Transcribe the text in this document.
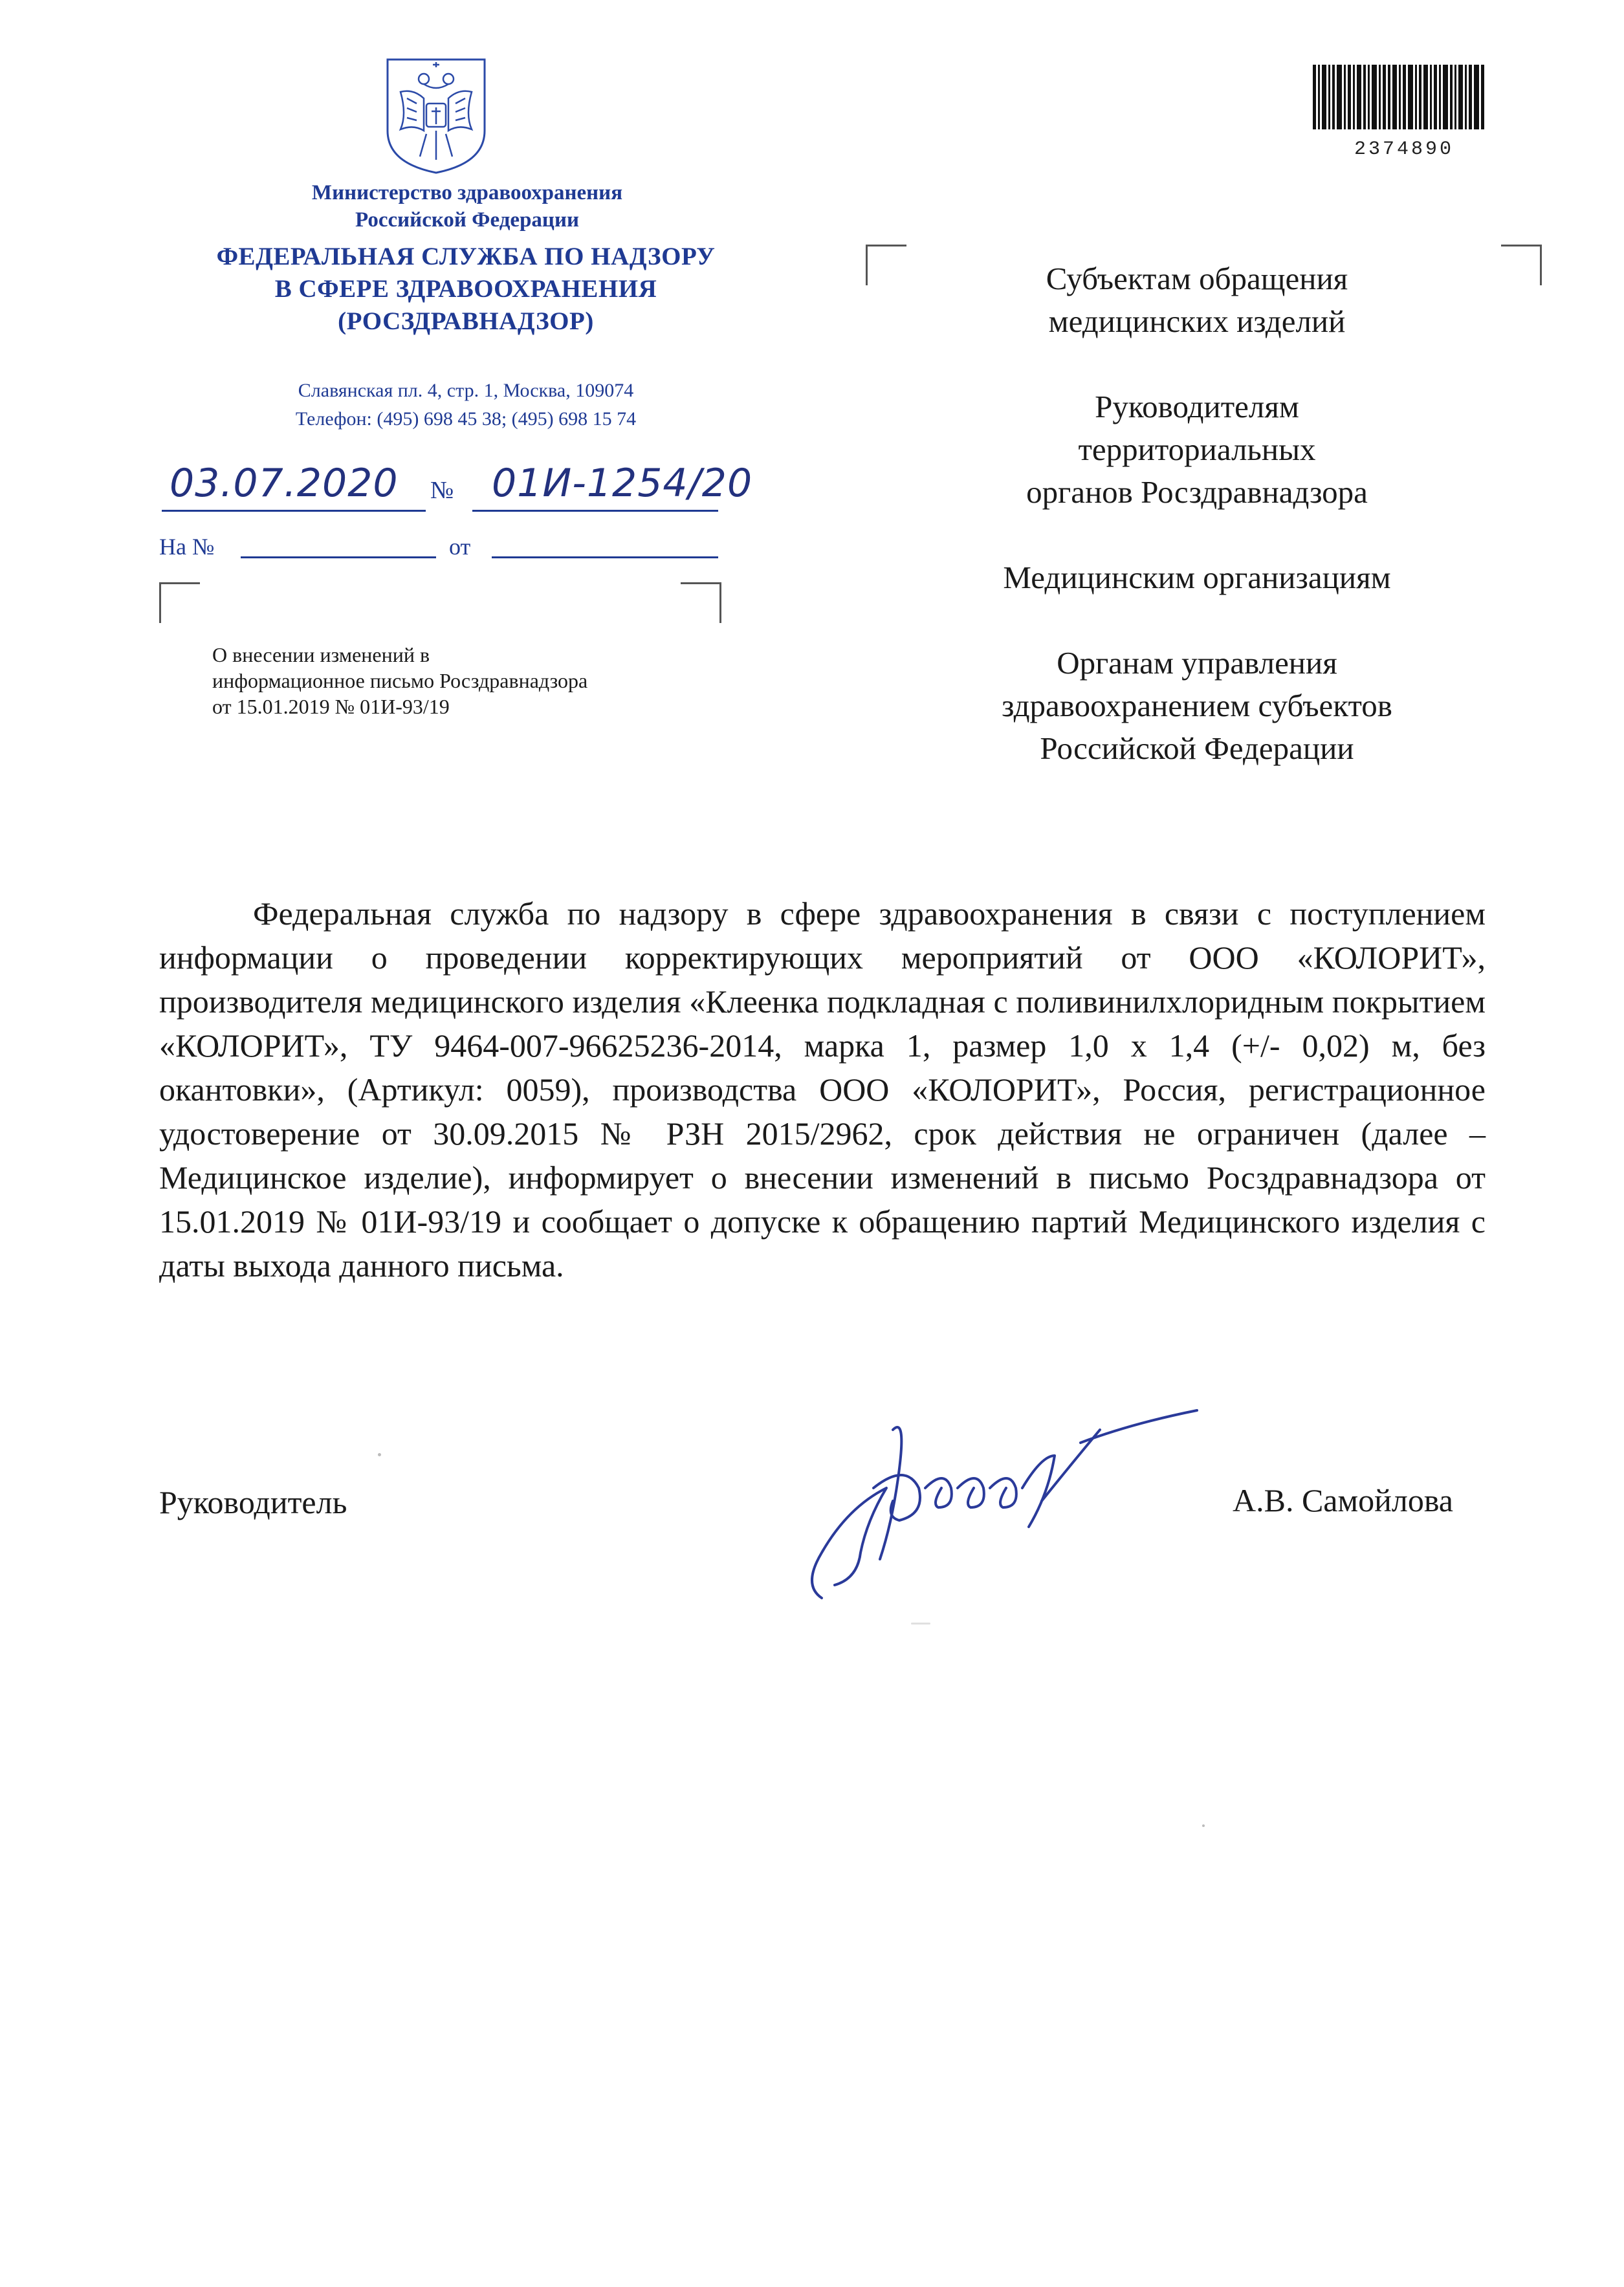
Министерство здравоохранения
Российской Федерации
ФЕДЕРАЛЬНАЯ СЛУЖБА ПО НАДЗОРУ
В СФЕРЕ ЗДРАВООХРАНЕНИЯ
(РОСЗДРАВНАДЗОР)
Славянская пл. 4, стр. 1, Москва, 109074
Телефон: (495) 698 45 38; (495) 698 15 74
03.07.2020 № 01И-1254/20
На №	от
О внесении изменений в
информационное письмо Росздравнадзора
от 15.01.2019 № 01И-93/19
2374890
Субъектам обращения
медицинских изделий
Руководителям
территориальных
органов Росздравнадзора
Медицинским организациям
Органам управления
здравоохранением субъектов
Российской Федерации
Федеральная служба по надзору в сфере здравоохранения в связи с поступлением информации о проведении корректирующих мероприятий от ООО «КОЛОРИТ», производителя медицинского изделия «Клеенка подкладная с поливинилхлоридным покрытием «КОЛОРИТ», ТУ 9464-007-96625236-2014, марка 1, размер 1,0 х 1,4 (+/- 0,02) м, без окантовки», (Артикул: 0059), производства ООО «КОЛОРИТ», Россия, регистрационное удостоверение от 30.09.2015 № РЗН 2015/2962, срок действия не ограничен (далее – Медицинское изделие), информирует о внесении изменений в письмо Росздравнадзора от 15.01.2019 № 01И-93/19 и сообщает о допуске к обращению партий Медицинского изделия с даты выхода данного письма.
Руководитель	А.В. Самойлова
